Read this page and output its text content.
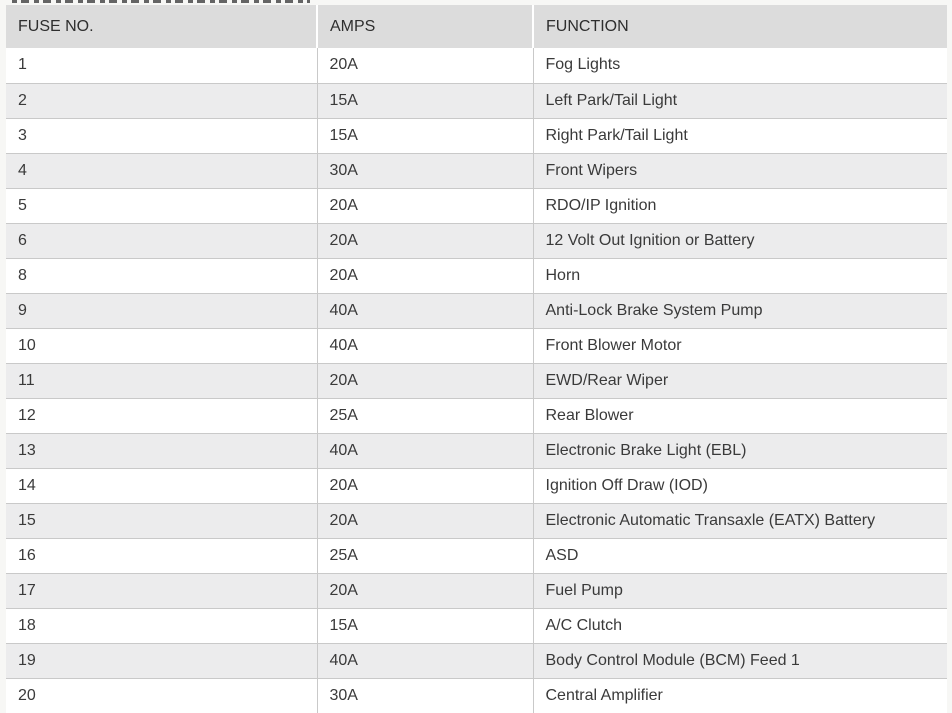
FUSE NO.	AMPS	FUNCTION
1	20A	Fog Lights
2	15A	Left Park/Tail Light
3	15A	Right Park/Tail Light
4	30A	Front Wipers
5	20A	RDO/IP Ignition
6	20A	12 Volt Out Ignition or Battery
8	20A	Horn
9	40A	Anti-Lock Brake System Pump
10	40A	Front Blower Motor
11	20A	EWD/Rear Wiper
12	25A	Rear Blower
13	40A	Electronic Brake Light (EBL)
14	20A	Ignition Off Draw (IOD)
15	20A	Electronic Automatic Transaxle (EATX) Battery
16	25A	ASD
17	20A	Fuel Pump
18	15A	A/C Clutch
19	40A	Body Control Module (BCM) Feed 1
20	30A	Central Amplifier
